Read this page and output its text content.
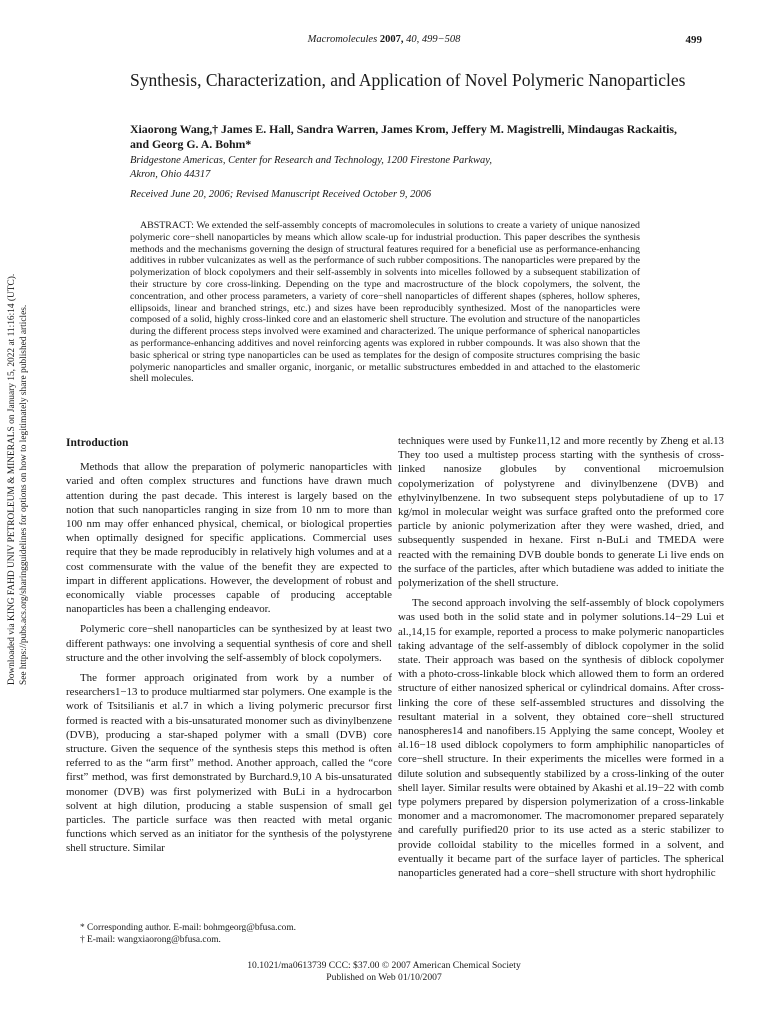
Macromolecules 2007, 40, 499−508	499
Downloaded via KING FAHD UNIV PETROLEUM & MINERALS on January 15, 2022 at 11:16:14 (UTC). See https://pubs.acs.org/sharingguidelines for options on how to legitimately share published articles.
Synthesis, Characterization, and Application of Novel Polymeric Nanoparticles
Xiaorong Wang,† James E. Hall, Sandra Warren, James Krom, Jeffery M. Magistrelli, Mindaugas Rackaitis, and Georg G. A. Bohm*
Bridgestone Americas, Center for Research and Technology, 1200 Firestone Parkway,
Akron, Ohio 44317
Received June 20, 2006; Revised Manuscript Received October 9, 2006
ABSTRACT: We extended the self-assembly concepts of macromolecules in solutions to create a variety of unique nanosized polymeric core−shell nanoparticles by means which allow scale-up for industrial production. This paper describes the synthesis methods and the mechanisms governing the design of structural features required for a beneficial use as performance-enhancing additives in rubber vulcanizates as well as the performance of such rubber compositions. The nanoparticles were prepared by the polymerization of block copolymers and their self-assembly in solvents into micelles followed by a subsequent stabilization of their structure by core cross-linking. Depending on the type and macrostructure of the block copolymers, the solvent, the concentration, and other process parameters, a variety of core−shell nanoparticles of different shapes (spheres, hollow spheres, ellipsoids, linear and branched strings, etc.) and sizes have been reproducibly synthesized. Most of the nanoparticles were composed of a solid, highly cross-linked core and an elastomeric shell structure. The evolution and structure of the nanoparticles during the different process steps involved were examined and characterized. The unique performance of spherical nanoparticles as performance-enhancing additives and novel reinforcing agents was explored in rubber compounds. It was also shown that the basic spherical or string type nanoparticles can be used as templates for the design of composite structures comprising the basic polymeric nanoparticles and smaller organic, inorganic, or metallic substructures embedded in and attached to the elastomeric shell molecules.
Introduction

Methods that allow the preparation of polymeric nanoparticles with varied and often complex structures and functions have drawn much attention during the past decade. This interest is largely based on the notion that such nanoparticles ranging in size from 10 nm to more than 100 nm may offer enhanced physical, chemical, or biological properties when optimally designed for specific applications. Commercial uses require that they be made reproducibly in relatively high volumes and at a cost commensurate with the value of the benefit they are expected to impart in different applications. However, the development of robust and economically viable processes capable of producing acceptable nanoparticles has been a challenging endeavor.

Polymeric core−shell nanoparticles can be synthesized by at least two different pathways: one involving a sequential synthesis of core and shell structure and the other involving the self-assembly of block copolymers.

The former approach originated from work by a number of researchers1−13 to produce multiarmed star polymers. One example is the work of Tsitsilianis et al.7 in which a living polymeric precursor first formed is reacted with a bis-unsaturated monomer such as divinylbenzene (DVB), producing a star-shaped polymer with a small (DVB) core structure. Given the sequence of the synthesis steps this method is often referred to as the “arm first” method. Another approach, called the “core first” method, was first demonstrated by Burchard.9,10 A bis-unsaturated monomer (DVB) was first polymerized with BuLi in a hydrocarbon solvent at high dilution, producing a stable suspension of small gel particles. The particle surface was then reacted with metal organic functions which served as an initiator for the synthesis of the polystyrene shell structure. Similar

techniques were used by Funke11,12 and more recently by Zheng et al.13 They too used a multistep process starting with the synthesis of cross-linked nanosize globules by conventional microemulsion copolymerization of polystyrene and divinylbenzene (DVB) and ethylvinylbenzene. In two subsequent steps polybutadiene of up to 17 kg/mol in molecular weight was surface grafted onto the preformed core particle by anionic polymerization after they were washed, dried, and subsequently suspended in hexane. First n-BuLi and TMEDA were reacted with the remaining DVB double bonds to generate Li live ends on the surface of the particles, after which butadiene was added to initiate the polymerization of the shell structure.

The second approach involving the self-assembly of block copolymers was used both in the solid state and in polymer solutions.14−29 Lui et al.,14,15 for example, reported a process to make polymeric nanoparticles taking advantage of the self-assembly of diblock copolymer in the solid state. Their approach was based on the synthesis of diblock copolymer with a photo-cross-linkable block which allowed them to form an ordered structure of either nanosized spherical or cylindrical domains. After cross-linking the core of these self-assembled structures and dissolving the resultant material in a solvent, they obtained core−shell structured nanospheres14 and nanofibers.15 Applying the same concept, Wooley et al.16−18 used diblock copolymers to form amphiphilic nanoparticles of core−shell structure. In their experiments the micelles were formed in a dilute solution and subsequently stabilized by a cross-linking of the outer shell layer. Similar results were obtained by Akashi et al.19−22 with comb type polymers prepared by dispersion polymerization of a cross-linkable monomer and a macromonomer. The macromonomer prepared separately and carefully purified20 prior to its use acted as a steric stabilizer to provide colloidal stability to the micelles formed in a solvent, and eventually it became part of the surface layer of particles. The spherical nanoparticles generated had a core−shell structure with short hydrophilic

* Corresponding author. E-mail: bohmgeorg@bfusa.com.
† E-mail: wangxiaorong@bfusa.com.
10.1021/ma0613739 CCC: $37.00 © 2007 American Chemical Society
Published on Web 01/10/2007
